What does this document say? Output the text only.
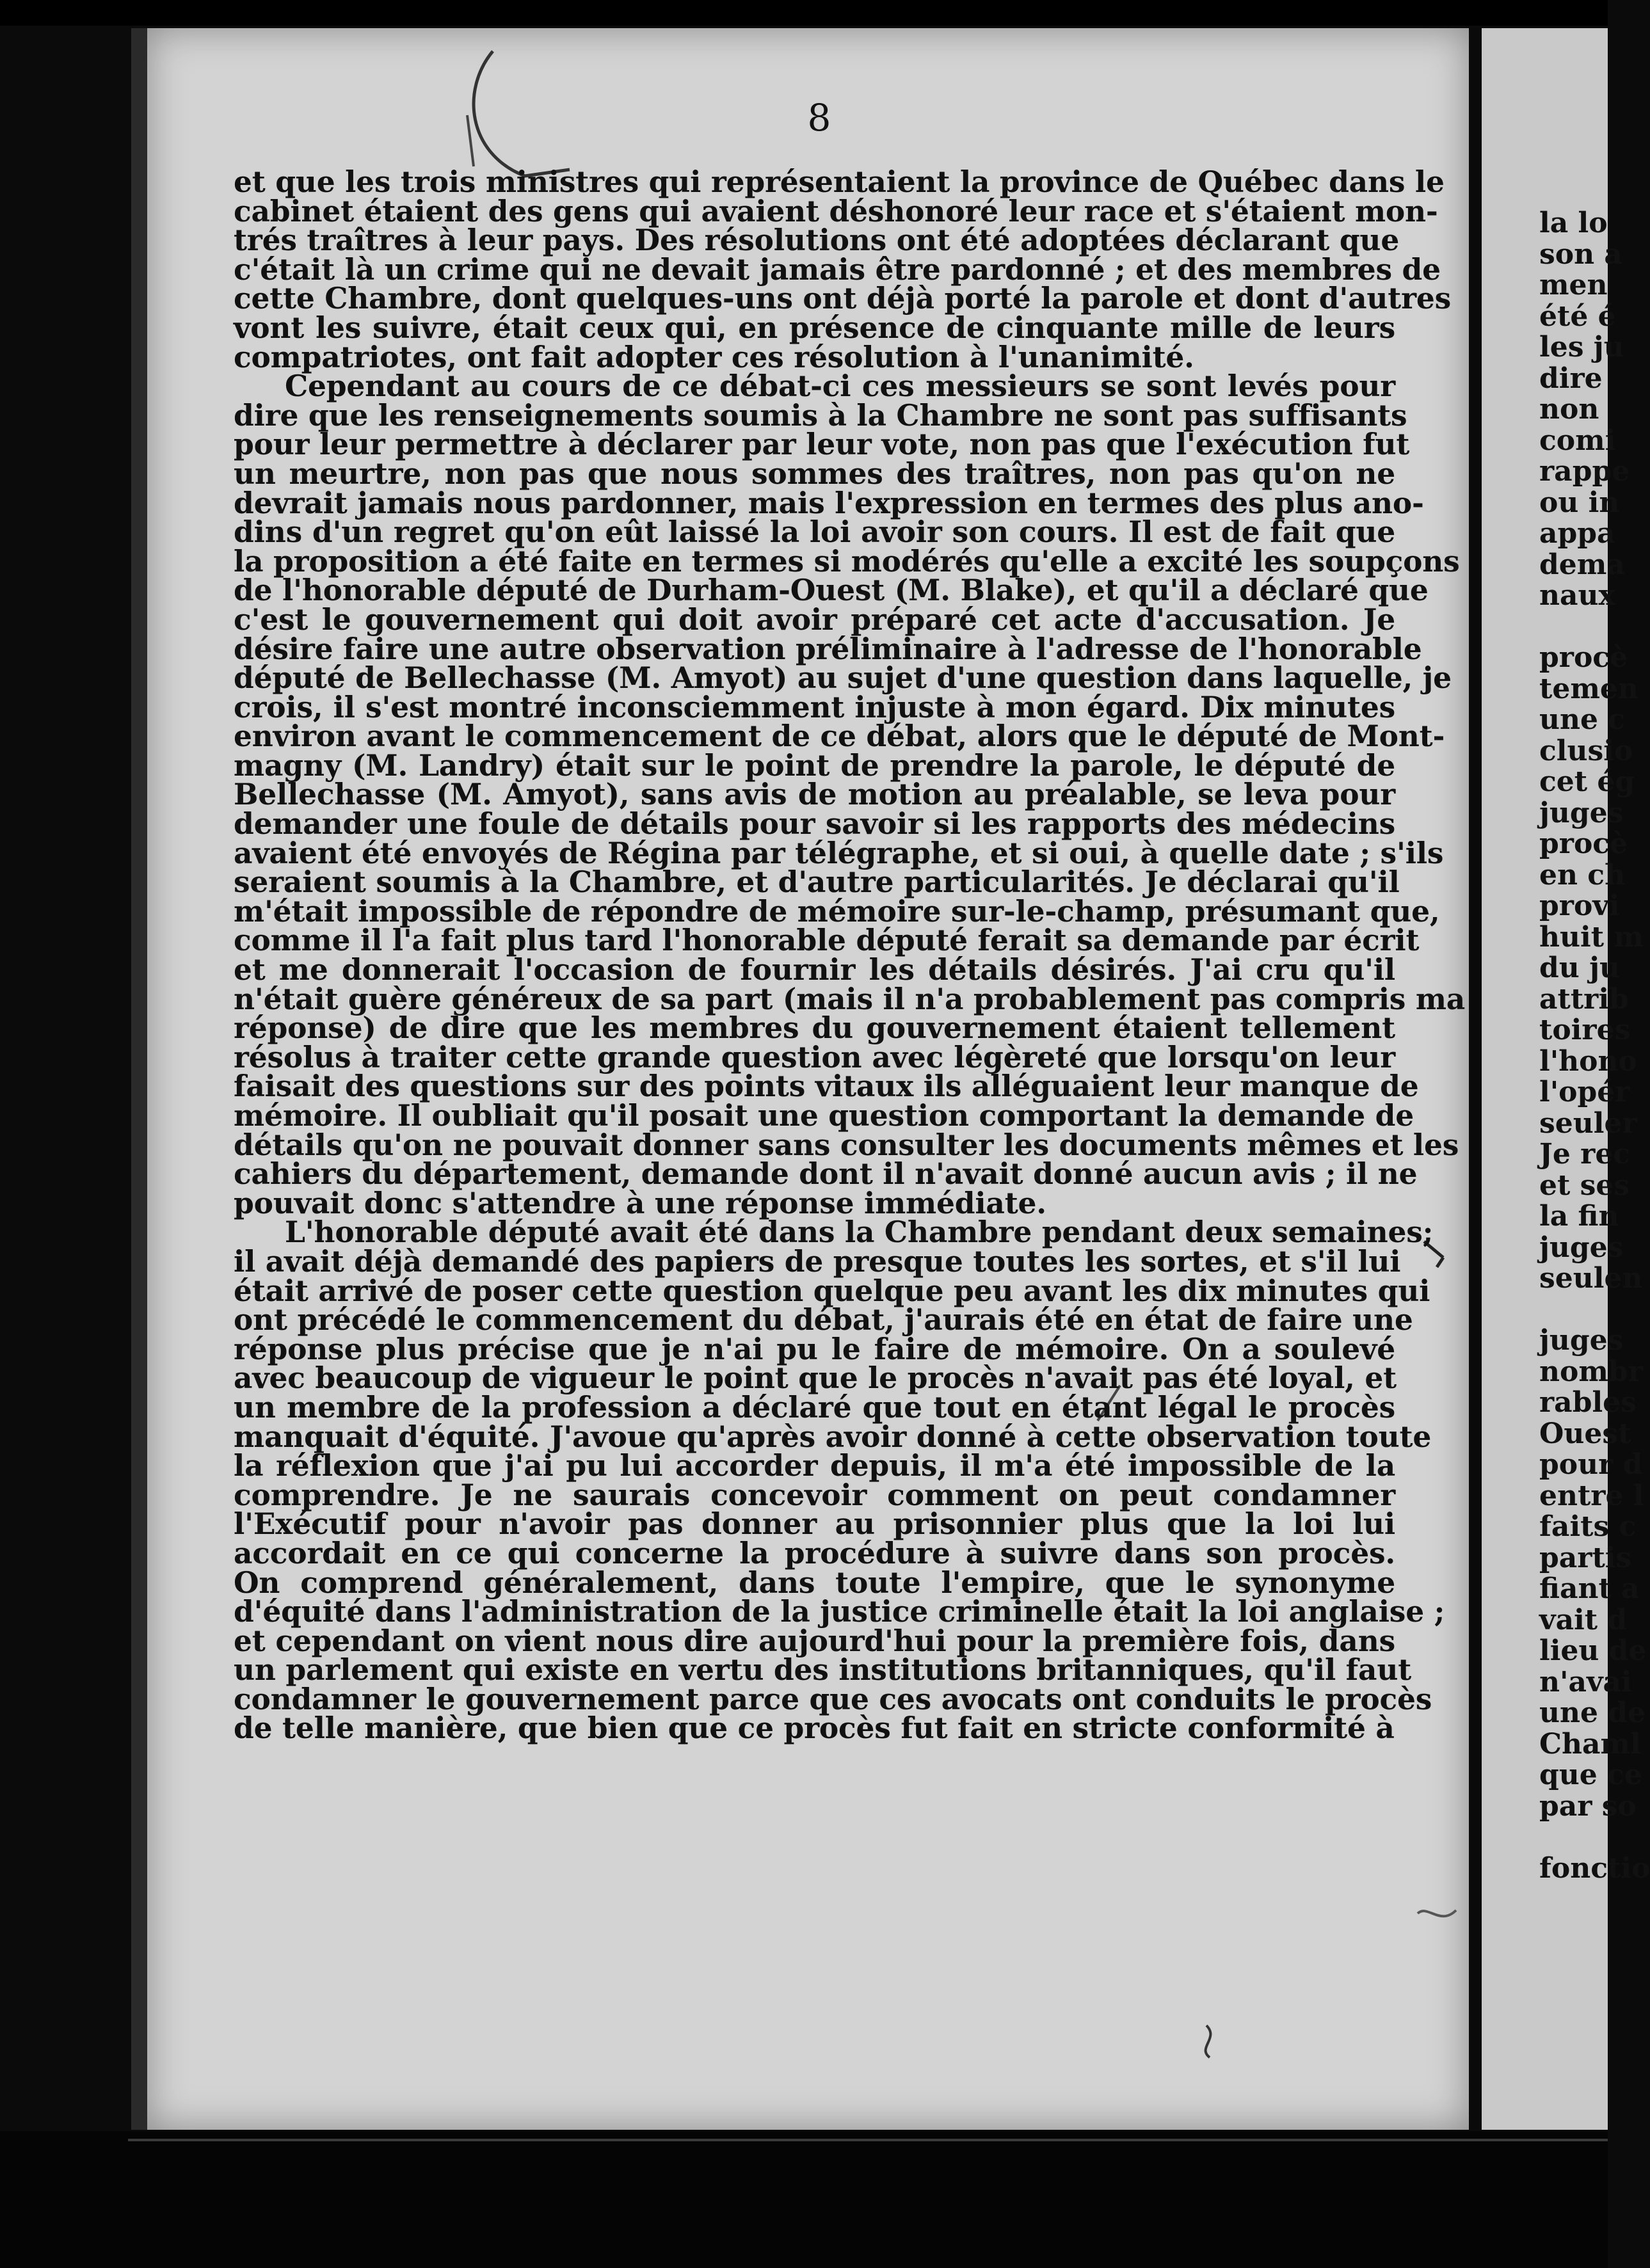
8
et que les trois ministres qui représentaient la province de Québec dans le
cabinet étaient des gens qui avaient déshonoré leur race et s'étaient mon-
trés traîtres à leur pays. Des résolutions ont été adoptées déclarant que
c'était là un crime qui ne devait jamais être pardonné ; et des membres de
cette Chambre, dont quelques-uns ont déjà porté la parole et dont d'autres
vont les suivre, était ceux qui, en présence de cinquante mille de leurs
compatriotes, ont fait adopter ces résolution à l'unanimité.
Cependant au cours de ce débat-ci ces messieurs se sont levés pour
dire que les renseignements soumis à la Chambre ne sont pas suffisants
pour leur permettre à déclarer par leur vote, non pas que l'exécution fut
un meurtre, non pas que nous sommes des traîtres, non pas qu'on ne
devrait jamais nous pardonner, mais l'expression en termes des plus ano-
dins d'un regret qu'on eût laissé la loi avoir son cours. Il est de fait que
la proposition a été faite en termes si modérés qu'elle a excité les soupçons
de l'honorable député de Durham-Ouest (M. Blake), et qu'il a déclaré que
c'est le gouvernement qui doit avoir préparé cet acte d'accusation. Je
désire faire une autre observation préliminaire à l'adresse de l'honorable
député de Bellechasse (M. Amyot) au sujet d'une question dans laquelle, je
crois, il s'est montré inconsciemment injuste à mon égard. Dix minutes
environ avant le commencement de ce débat, alors que le député de Mont-
magny (M. Landry) était sur le point de prendre la parole, le député de
Bellechasse (M. Amyot), sans avis de motion au préalable, se leva pour
demander une foule de détails pour savoir si les rapports des médecins
avaient été envoyés de Régina par télégraphe, et si oui, à quelle date ; s'ils
seraient soumis à la Chambre, et d'autre particularités. Je déclarai qu'il
m'était impossible de répondre de mémoire sur-le-champ, présumant que,
comme il l'a fait plus tard l'honorable député ferait sa demande par écrit
et me donnerait l'occasion de fournir les détails désirés. J'ai cru qu'il
n'était guère généreux de sa part (mais il n'a probablement pas compris ma
réponse) de dire que les membres du gouvernement étaient tellement
résolus à traiter cette grande question avec légèreté que lorsqu'on leur
faisait des questions sur des points vitaux ils alléguaient leur manque de
mémoire. Il oubliait qu'il posait une question comportant la demande de
détails qu'on ne pouvait donner sans consulter les documents mêmes et les
cahiers du département, demande dont il n'avait donné aucun avis ; il ne
pouvait donc s'attendre à une réponse immédiate.
L'honorable député avait été dans la Chambre pendant deux semaines;
il avait déjà demandé des papiers de presque toutes les sortes, et s'il lui
était arrivé de poser cette question quelque peu avant les dix minutes qui
ont précédé le commencement du débat, j'aurais été en état de faire une
réponse plus précise que je n'ai pu le faire de mémoire. On a soulevé
avec beaucoup de vigueur le point que le procès n'avait pas été loyal, et
un membre de la profession a déclaré que tout en étant légal le procès
manquait d'équité. J'avoue qu'après avoir donné à cette observation toute
la réflexion que j'ai pu lui accorder depuis, il m'a été impossible de la
comprendre. Je ne saurais concevoir comment on peut condamner
l'Exécutif pour n'avoir pas donner au prisonnier plus que la loi lui
accordait en ce qui concerne la procédure à suivre dans son procès.
On comprend généralement, dans toute l'empire, que le synonyme
d'équité dans l'administration de la justice criminelle était la loi anglaise ;
et cependant on vient nous dire aujourd'hui pour la première fois, dans
un parlement qui existe en vertu des institutions britanniques, qu'il faut
condamner le gouvernement parce que ces avocats ont conduits le procès
de telle manière, que bien que ce procès fut fait en stricte conformité à
la lo
son a
men
été é
les ju
dire
non
comi
rappe
ou in
appa
dema
naux
procè
temen
une c
clusio
cet ég
juges
procè
en ch
provi
huit m
du ju
attrib
toires
l'hono
l'opér
seuler
Je rec
et ses
la fin
juges
seulen
juges
nombr
rables
Ouest
pour d
entre l
faits c
partis
fiant a
vait d
lieu de
n'avai
une de
Chaml
que ce
par so
fonctio
